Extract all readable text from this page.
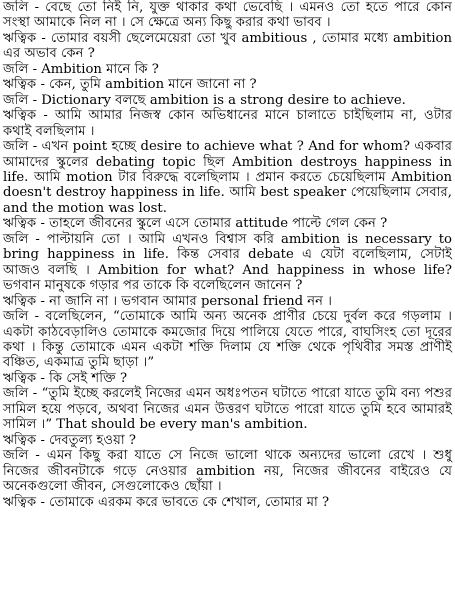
জলি - বেছে তো নিই নি, যুক্ত থাকার কথা ভেবেছি । এমনও তো হতে পারে কোন সংস্থা আমাকে নিল না । সে ক্ষেত্রে অন্য কিছু করার কথা ভাবব ।

ঋত্বিক - তোমার বয়সী ছেলেমেয়েরা তো খুব ambitious , তোমার মধ্যে ambition এর অভাব কেন ?

জলি - Ambition মানে কি ?

ঋত্বিক - কেন, তুমি ambition মানে জানো না ?

জলি - Dictionary বলছে ambition is a strong desire to achieve.

ঋত্বিক - আমি আমার নিজস্ব কোন অভিধানের মানে চালাতে চাইছিলাম না, ওটার কথাই বলছিলাম ।

জলি - এখন point হচ্ছে desire to achieve what ? And for whom? একবার আমাদের স্কুলের debating topic ছিল Ambition destroys happiness in life. আমি motion টার বিরুদ্ধে বলেছিলাম । প্রমান করতে চেয়েছিলাম Ambition doesn't destroy happiness in life. আমি best speaker পেয়েছিলাম সেবার, and the motion was lost.

ঋত্বিক - তাহলে জীবনের স্কুলে এসে তোমার attitude পাল্টে গেল কেন ?

জলি - পাল্টায়নি তো । আমি এখনও বিশ্বাস করি ambition is necessary to bring happiness in life. কিন্ত সেবার debate এ যেটা বলেছিলাম, সেটাই আজও বলছি । Ambition for what? And happiness in whose life? ভগবান মানুষকে গড়ার পর তাকে কি বলেছিলেন জানেন ?

ঋত্বিক - না জানি না । ভগবান আমার personal friend নন ।

জলি - বলেছিলেন, “তোমাকে আমি অন্য অনেক প্রাণীর চেয়ে দুর্বল করে গড়লাম । একটা কাঠবেড়ালিও তোমাকে কমজোর দিয়ে পালিয়ে যেতে পারে, বাঘসিংহ তো দূরের কথা । কিন্তু তোমাকে এমন একটা শক্তি দিলাম যে শক্তি থেকে পৃথিবীর সমস্ত প্রাণীই বঞ্চিত, একমাত্র তুমি ছাড়া ।”

ঋত্বিক - কি সেই শক্তি ?

জলি - “তুমি ইচ্ছে করলেই নিজের এমন অধঃপতন ঘটাতে পারো যাতে তুমি বন্য পশুর সামিল হয়ে পড়বে, অথবা নিজের এমন উত্তরণ ঘটাতে পারো যাতে তুমি হবে আমারই সামিল ।” That should be every man's ambition.

ঋত্বিক - দেবতুল্য হওয়া ?

জলি - এমন কিছু করা যাতে সে নিজে ভালো থাকে অন্যদের ভালো রেখে । শুধু নিজের জীবনটাকে গড়ে নেওয়ার ambition নয়, নিজের জীবনের বাইরেও যে অনেকগুলো জীবন, সেগুলোকেও ছোঁয়া ।

ঋত্বিক - তোমাকে এরকম করে ভাবতে কে শেখাল, তোমার মা ?
